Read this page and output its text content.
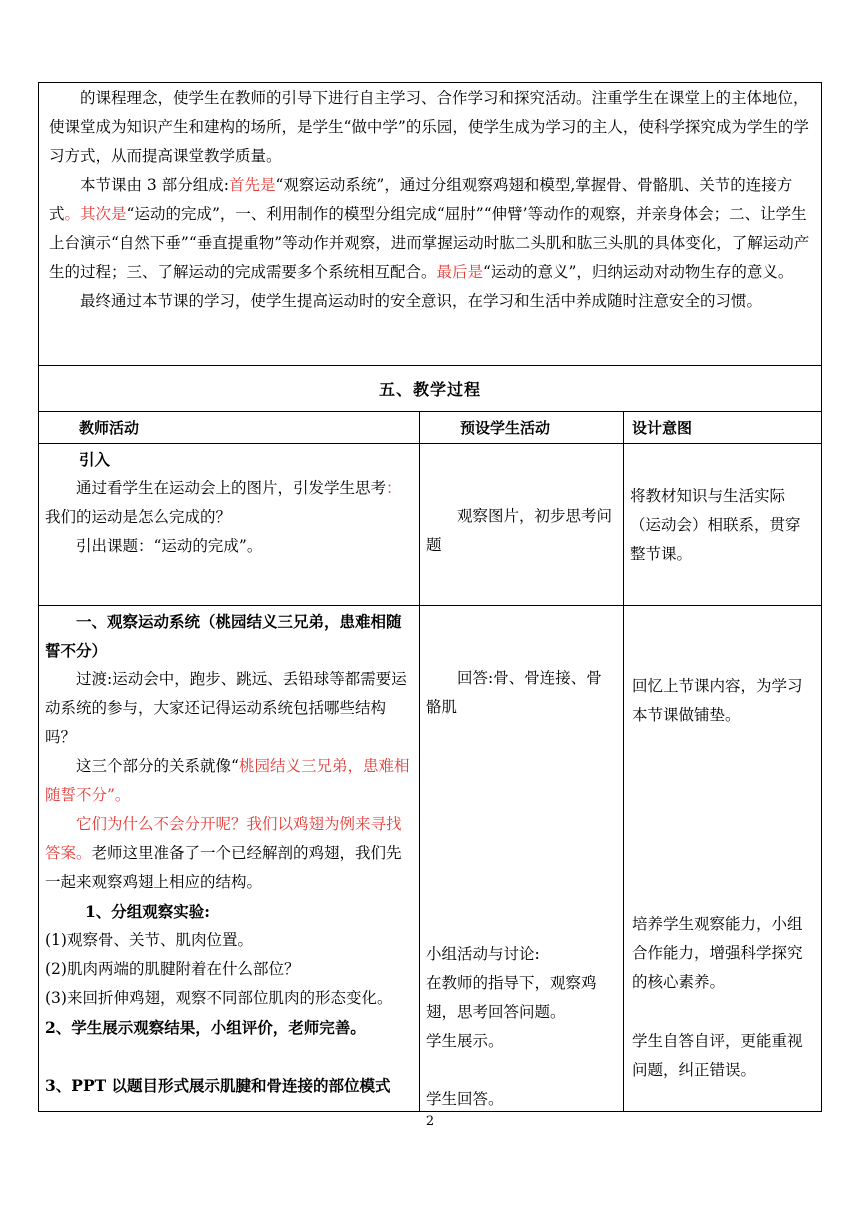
的课程理念，使学生在教师的引导下进行自主学习、合作学习和探究活动。注重学生在课堂上的主体地位，使课堂成为知识产生和建构的场所，是学生“做中学”的乐园，使学生成为学习的主人，使科学探究成为学生的学习方式，从而提高课堂教学质量。

本节课由 3 部分组成:首先是“观察运动系统”，通过分组观察鸡翅和模型,掌握骨、骨骼肌、关节的连接方式。其次是“运动的完成”，一、利用制作的模型分组完成“屈肘”“伸臂’等动作的观察，并亲身体会；二、让学生上台演示“自然下垂”“垂直提重物”等动作并观察，进而掌握运动时肱二头肌和肱三头肌的具体变化，了解运动产生的过程；三、了解运动的完成需要多个系统相互配合。最后是“运动的意义”，归纳运动对动物生存的意义。

最终通过本节课的学习，使学生提高运动时的安全意识，在学习和生活中养成随时注意安全的习惯。

五、教学过程
教师活动	预设学生活动	设计意图
引入
通过看学生在运动会上的图片，引发学生思考：我们的运动是怎么完成的？
引出课题：“运动的完成”。
观察图片，初步思考问题
将教材知识与生活实际（运动会）相联系，贯穿整节课。
一、观察运动系统（桃园结义三兄弟，患难相随誓不分）
过渡:运动会中，跑步、跳远、丢铅球等都需要运动系统的参与，大家还记得运动系统包括哪些结构吗？
这三个部分的关系就像“桃园结义三兄弟，患难相随誓不分”。
它们为什么不会分开呢？我们以鸡翅为例来寻找答案。老师这里准备了一个已经解剖的鸡翅，我们先一起来观察鸡翅上相应的结构。
1、分组观察实验:
(1)观察骨、关节、肌肉位置。
(2)肌肉两端的肌腱附着在什么部位？
(3)来回折伸鸡翅，观察不同部位肌肉的形态变化。
2、学生展示观察结果，小组评价，老师完善。
3、PPT 以题目形式展示肌腱和骨连接的部位模式
回答:骨、骨连接、骨骼肌
小组活动与讨论:
在教师的指导下，观察鸡翅，思考回答问题。
学生展示。
学生回答。
回忆上节课内容，为学习本节课做铺垫。
培养学生观察能力，小组合作能力，增强科学探究的核心素养。
学生自答自评，更能重视问题，纠正错误。
2
